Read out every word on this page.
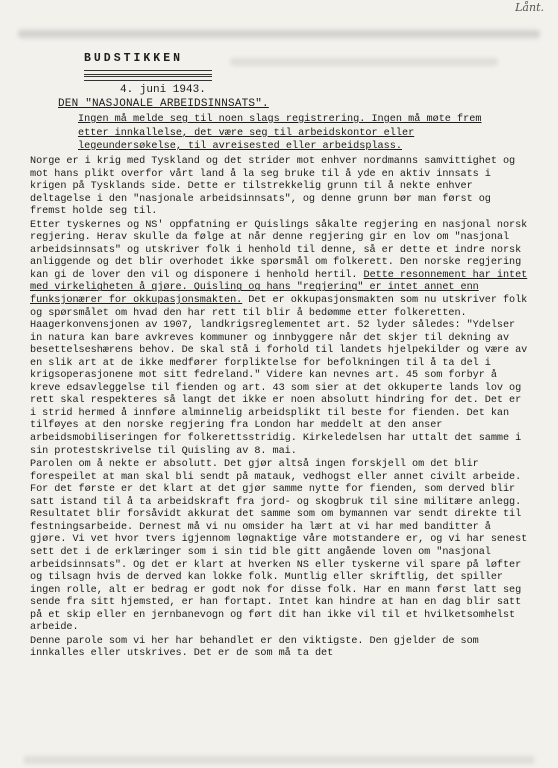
Lånt.
BUDSTIKKEN
4. juni 1943.
DEN "NASJONALE ARBEIDSINNSATS".
Ingen må melde seg til noen slags registrering. Ingen må møte frem etter innkallelse, det være seg til arbeidskontor eller legeundersøkelse, til avreisested eller arbeidsplass.

Norge er i krig med Tyskland og det strider mot enhver nordmanns samvittighet og mot hans plikt overfor vårt land å la seg bruke til å yde en aktiv innsats i krigen på Tysklands side. Dette er tilstrekkelig grunn til å nekte enhver deltagelse i den "nasjonale arbeidsinnsats", og denne grunn bør man først og fremst holde seg til.

Etter tyskernes og NS' oppfatning er Quislings såkalte regjering en nasjonal norsk regjering. Herav skulle da følge at når denne regjering gir en lov om "nasjonal arbeidsinnsats" og utskriver folk i henhold til denne, så er dette et indre norsk anliggende og det blir overhodet ikke spørsmål om folkerett. Den norske regjering kan gi de lover den vil og disponere i henhold hertil. Dette resonnement har intet med virkeligheten å gjøre. Quisling og hans "regjering" er intet annet enn funksjonærer for okkupasjonsmakten. Det er okkupasjonsmakten som nu utskriver folk og spørsmålet om hvad den har rett til blir å bedømme etter folkeretten. Haagerkonvensjonen av 1907, landkrigsreglementet art. 52 lyder således: "Ydelser in natura kan bare avkreves kommuner og innbyggere når det skjer til dekning av besettelseshærens behov. De skal stå i forhold til landets hjelpekilder og være av en slik art at de ikke medfører forpliktelse for befolkningen til å ta del i krigsoperasjonene mot sitt fedreland." Videre kan nevnes art. 45 som forbyr å kreve edsavleggelse til fienden og art. 43 som sier at det okkuperte lands lov og rett skal respekteres så langt det ikke er noen absolutt hindring for det. Det er i strid hermed å innføre alminnelig arbeidsplikt til beste for fienden. Det kan tilføyes at den norske regjering fra London har meddelt at den anser arbeidsmobiliseringen for folkerettsstridig. Kirkeledelsen har uttalt det samme i sin protestskrivelse til Quisling av 8. mai.

Parolen om å nekte er absolutt. Det gjør altså ingen forskjell om det blir forespeilet at man skal bli sendt på matauk, vedhogst eller annet civilt arbeide. For det første er det klart at det gjør samme nytte for fienden, som derved blir satt istand til å ta arbeidskraft fra jord- og skogbruk til sine militære anlegg. Resultatet blir forsåvidt akkurat det samme som om bymannen var sendt direkte til festningsarbeide. Dernest må vi nu omsider ha lært at vi har med banditter å gjøre. Vi vet hvor tvers igjennom løgnaktige våre motstandere er, og vi har senest sett det i de erklæringer som i sin tid ble gitt angående loven om "nasjonal arbeidsinnsats". Og det er klart at hverken NS eller tyskerne vil spare på løfter og tilsagn hvis de derved kan lokke folk. Muntlig eller skriftlig, det spiller ingen rolle, alt er bedrag er godt nok for disse folk. Har en mann først latt seg sende fra sitt hjemsted, er han fortapt. Intet kan hindre at han en dag blir satt på et skip eller en jernbanevogn og ført dit han ikke vil til et hvilketsomhelst arbeide.

Denne parole som vi her har behandlet er den viktigste. Den gjelder de som innkalles eller utskrives. Det er de som må ta det
